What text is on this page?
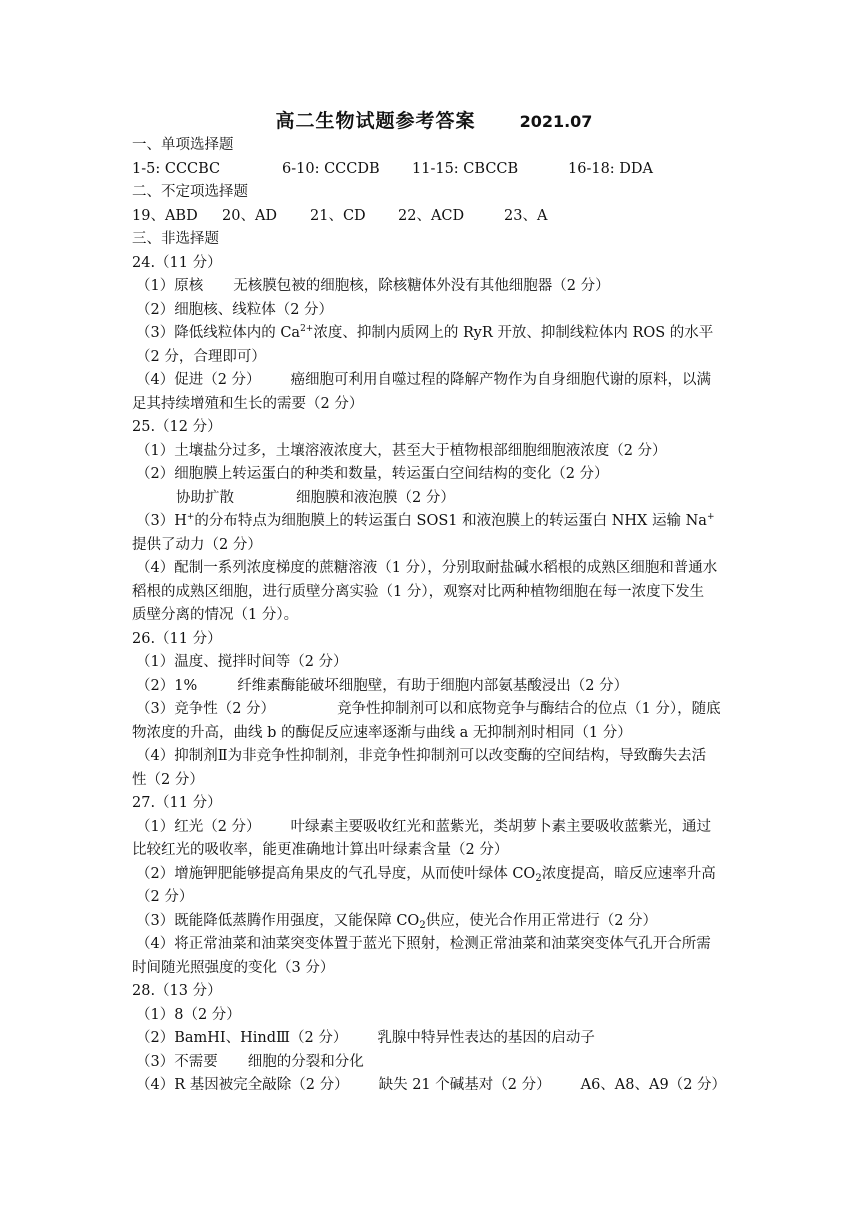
高二生物试题参考答案	2021.07
一、单项选择题
1-5: CCCBC	6-10: CCCDB 11-15: CBCCB	16-18: DDA
二、不定项选择题
19、ABD 20、AD 21、CD 22、ACD	23、A
三、非选择题
24.（11 分）
（1）原核 无核膜包被的细胞核，除核糖体外没有其他细胞器（2 分）
（2）细胞核、线粒体（2 分）
（3）降低线粒体内的 $Ca^{2+}$浓度、抑制内质网上的 RyR 开放、抑制线粒体内 ROS 的水平
（2 分，合理即可）
（4）促进（2 分） 癌细胞可利用自噬过程的降解产物作为自身细胞代谢的原料，以满
足其持续增殖和生长的需要（2 分）
25.（12 分）
（1）土壤盐分过多，土壤溶液浓度大，甚至大于植物根部细胞细胞液浓度（2 分）
（2）细胞膜上转运蛋白的种类和数量，转运蛋白空间结构的变化（2 分）
协助扩散	细胞膜和液泡膜（2 分）
（3）H+的分布特点为细胞膜上的转运蛋白 SOS1 和液泡膜上的转运蛋白 NHX 运输 Na+
提供了动力（2 分）
（4）配制一系列浓度梯度的蔗糖溶液（1 分），分别取耐盐碱水稻根的成熟区细胞和普通水
稻根的成熟区细胞，进行质壁分离实验（1 分），观察对比两种植物细胞在每一浓度下发生
质壁分离的情况（1 分）。
26.（11 分）
（1）温度、搅拌时间等（2 分）
（2）1%	纤维素酶能破坏细胞壁，有助于细胞内部氨基酸浸出（2 分）
（3）竞争性（2 分）	竞争性抑制剂可以和底物竞争与酶结合的位点（1 分），随底
物浓度的升高，曲线 b 的酶促反应速率逐渐与曲线 a 无抑制剂时相同（1 分）
（4）抑制剂Ⅱ为非竞争性抑制剂，非竞争性抑制剂可以改变酶的空间结构，导致酶失去活
性（2 分）
27.（11 分）
（1）红光（2 分） 叶绿素主要吸收红光和蓝紫光，类胡萝卜素主要吸收蓝紫光，通过
比较红光的吸收率，能更准确地计算出叶绿素含量（2 分）
（2）增施钾肥能够提高角果皮的气孔导度，从而使叶绿体 $CO_2$浓度提高，暗反应速率升高
（2 分）
（3）既能降低蒸腾作用强度，又能保障 $CO_2$供应，使光合作用正常进行（2 分）
（4）将正常油菜和油菜突变体置于蓝光下照射，检测正常油菜和油菜突变体气孔开合所需
时间随光照强度的变化（3 分）
28.（13 分）
（1）8（2 分）
（2）BamHⅠ、HindⅢ（2 分） 乳腺中特异性表达的基因的启动子
（3）不需要 细胞的分裂和分化
（4）R 基因被完全敲除（2 分） 缺失 21 个碱基对（2 分） A6、A8、A9（2 分）
